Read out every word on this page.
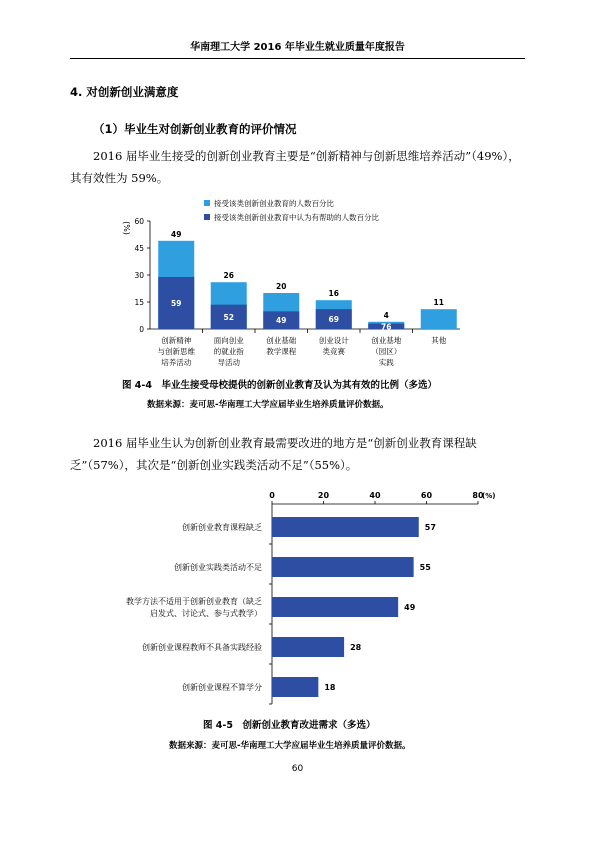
华南理工大学 2016 年毕业生就业质量年度报告
4. 对创新创业满意度
（1）毕业生对创新创业教育的评价情况
2016 届毕业生接受的创新创业教育主要是“创新精神与创新思维培养活动”（49%），其有效性为 59%。
(%)
0
15
30
45
60
49
59
创新精神
与创新思维
培养活动
26
52
面向创业
的就业指
导活动
20
49
创业基础
教学课程
16
69
创业设计
类竞赛
4
76
创业基地
（园区）
实践
11
其他
接受该类创新创业教育的人数百分比
接受该类创新创业教育中认为有帮助的人数百分比
图 4-4　毕业生接受母校提供的创新创业教育及认为其有效的比例（多选）
数据来源：麦可思-华南理工大学应届毕业生培养质量评价数据。
2016 届毕业生认为创新创业教育最需要改进的地方是“创新创业教育课程缺乏”（57%），其次是“创新创业实践类活动不足”（55%）。
0	20	40	60	80
(%)
57
创新创业教育课程缺乏
55
创新创业实践类活动不足
49
教学方法不适用于创新创业教育（缺乏
启发式、讨论式、参与式教学）
28
创新创业课程教师不具备实践经验
18
创新创业课程不算学分
图 4-5　创新创业教育改进需求（多选）
数据来源：麦可思-华南理工大学应届毕业生培养质量评价数据。
60
